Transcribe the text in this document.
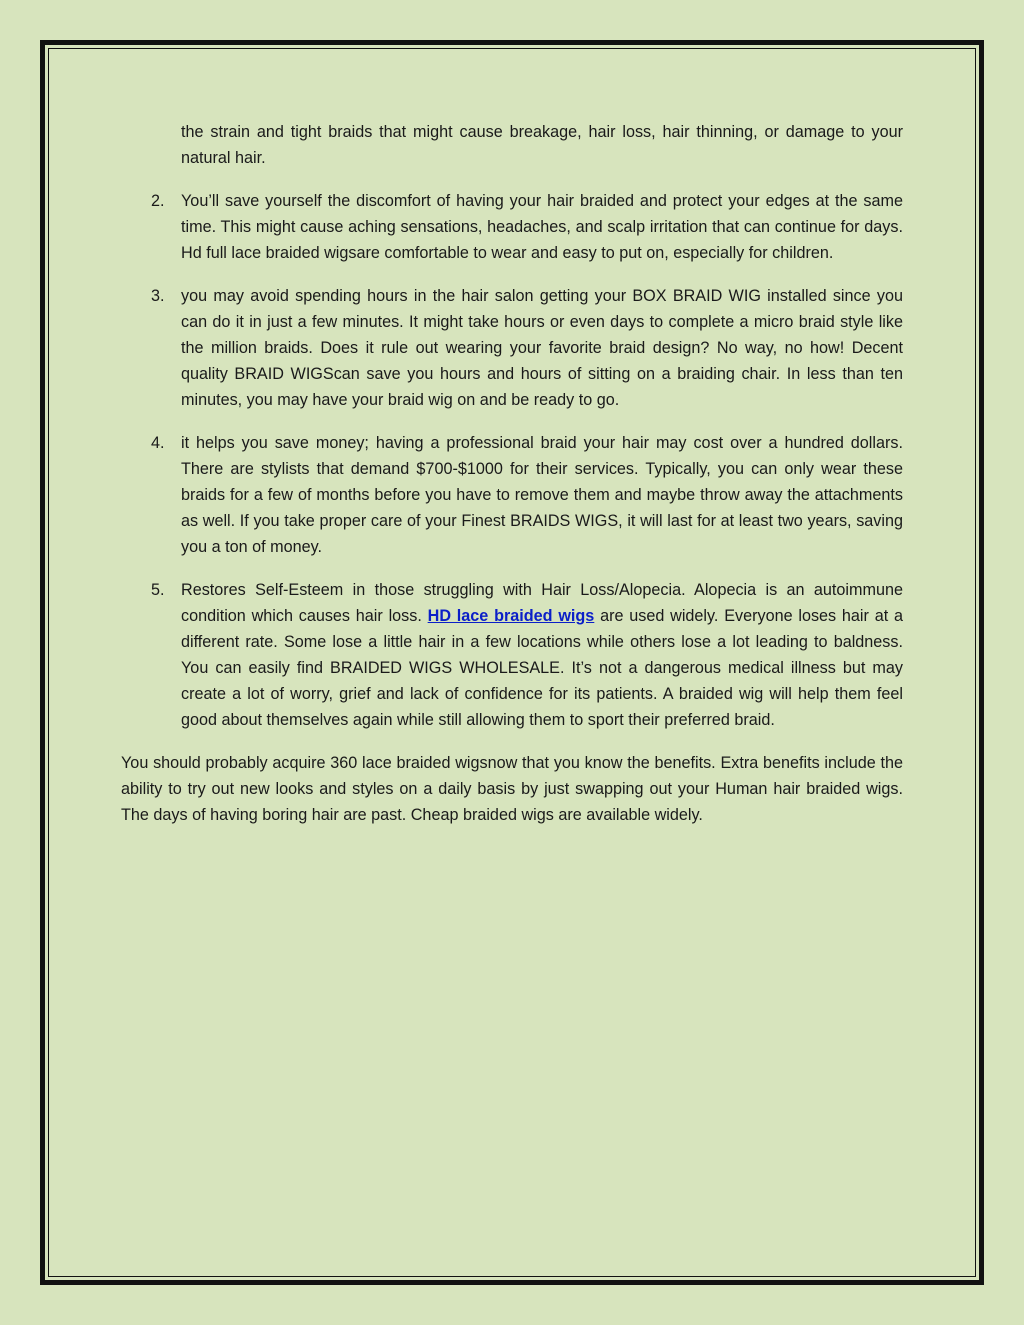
the strain and tight braids that might cause breakage, hair loss, hair thinning, or damage to your natural hair.
2. You’ll save yourself the discomfort of having your hair braided and protect your edges at the same time. This might cause aching sensations, headaches, and scalp irritation that can continue for days. Hd full lace braided wigsare comfortable to wear and easy to put on, especially for children.
3. you may avoid spending hours in the hair salon getting your BOX BRAID WIG installed since you can do it in just a few minutes. It might take hours or even days to complete a micro braid style like the million braids. Does it rule out wearing your favorite braid design? No way, no how! Decent quality BRAID WIGScan save you hours and hours of sitting on a braiding chair. In less than ten minutes, you may have your braid wig on and be ready to go.
4. it helps you save money; having a professional braid your hair may cost over a hundred dollars. There are stylists that demand $700-$1000 for their services. Typically, you can only wear these braids for a few of months before you have to remove them and maybe throw away the attachments as well. If you take proper care of your Finest BRAIDS WIGS, it will last for at least two years, saving you a ton of money.
5. Restores Self-Esteem in those struggling with Hair Loss/Alopecia. Alopecia is an autoimmune condition which causes hair loss. HD lace braided wigs are used widely. Everyone loses hair at a different rate. Some lose a little hair in a few locations while others lose a lot leading to baldness. You can easily find BRAIDED WIGS WHOLESALE. It’s not a dangerous medical illness but may create a lot of worry, grief and lack of confidence for its patients. A braided wig will help them feel good about themselves again while still allowing them to sport their preferred braid.
You should probably acquire 360 lace braided wigsnow that you know the benefits. Extra benefits include the ability to try out new looks and styles on a daily basis by just swapping out your Human hair braided wigs. The days of having boring hair are past. Cheap braided wigs are available widely.
